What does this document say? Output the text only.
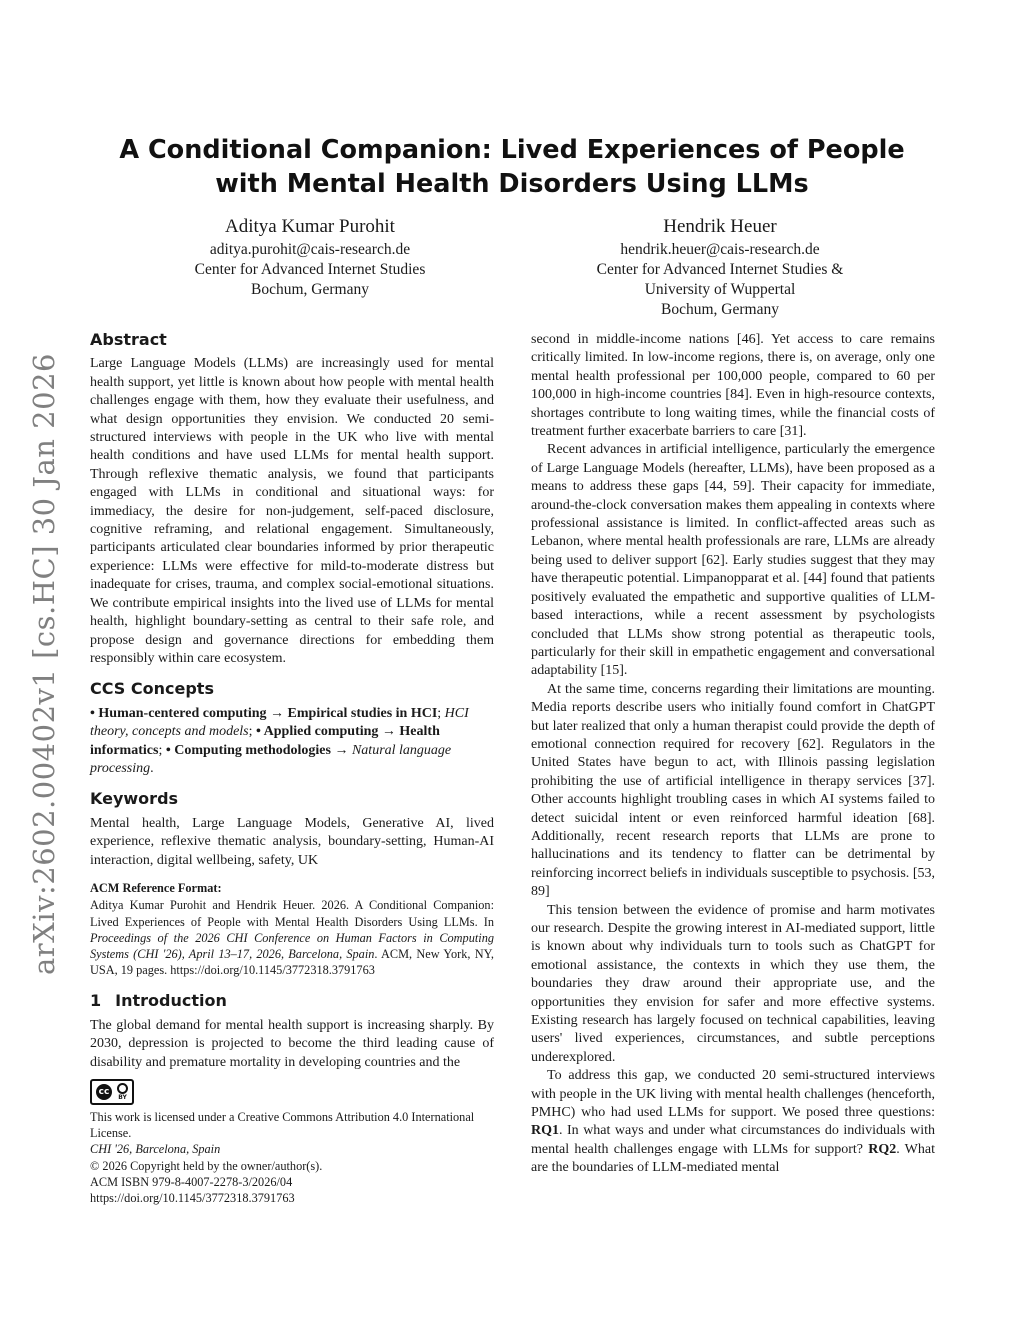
arXiv:2602.00402v1 [cs.HC] 30 Jan 2026
A Conditional Companion: Lived Experiences of People with Mental Health Disorders Using LLMs
Aditya Kumar Purohit
aditya.purohit@cais-research.de
Center for Advanced Internet Studies
Bochum, Germany
Hendrik Heuer
hendrik.heuer@cais-research.de
Center for Advanced Internet Studies &
University of Wuppertal
Bochum, Germany
Abstract

Large Language Models (LLMs) are increasingly used for mental health support, yet little is known about how people with mental health challenges engage with them, how they evaluate their usefulness, and what design opportunities they envision. We conducted 20 semi-structured interviews with people in the UK who live with mental health conditions and have used LLMs for mental health support. Through reflexive thematic analysis, we found that participants engaged with LLMs in conditional and situational ways: for immediacy, the desire for non-judgement, self-paced disclosure, cognitive reframing, and relational engagement. Simultaneously, participants articulated clear boundaries informed by prior therapeutic experience: LLMs were effective for mild-to-moderate distress but inadequate for crises, trauma, and complex social-emotional situations. We contribute empirical insights into the lived use of LLMs for mental health, highlight boundary-setting as central to their safe role, and propose design and governance directions for embedding them responsibly within care ecosystem.

CCS Concepts

• Human-centered computing → Empirical studies in HCI; HCI theory, concepts and models; • Applied computing → Health informatics; • Computing methodologies → Natural language processing.

Keywords

Mental health, Large Language Models, Generative AI, lived experience, reflexive thematic analysis, boundary-setting, Human-AI interaction, digital wellbeing, safety, UK

ACM Reference Format:

Aditya Kumar Purohit and Hendrik Heuer. 2026. A Conditional Companion: Lived Experiences of People with Mental Health Disorders Using LLMs. In Proceedings of the 2026 CHI Conference on Human Factors in Computing Systems (CHI '26), April 13–17, 2026, Barcelona, Spain. ACM, New York, NY, USA, 19 pages. https://doi.org/10.1145/3772318.3791763

1 Introduction

The global demand for mental health support is increasing sharply. By 2030, depression is projected to become the third leading cause of disability and premature mortality in developing countries and the

cc
BY
This work is licensed under a Creative Commons Attribution 4.0 International License.
CHI '26, Barcelona, Spain
© 2026 Copyright held by the owner/author(s).
ACM ISBN 979-8-4007-2278-3/2026/04
https://doi.org/10.1145/3772318.3791763

second in middle-income nations [46]. Yet access to care remains critically limited. In low-income regions, there is, on average, only one mental health professional per 100,000 people, compared to 60 per 100,000 in high-income countries [84]. Even in high-resource contexts, shortages contribute to long waiting times, while the financial costs of treatment further exacerbate barriers to care [31].

Recent advances in artificial intelligence, particularly the emergence of Large Language Models (hereafter, LLMs), have been proposed as a means to address these gaps [44, 59]. Their capacity for immediate, around-the-clock conversation makes them appealing in contexts where professional assistance is limited. In conflict-affected areas such as Lebanon, where mental health professionals are rare, LLMs are already being used to deliver support [62]. Early studies suggest that they may have therapeutic potential. Limpanopparat et al. [44] found that patients positively evaluated the empathetic and supportive qualities of LLM-based interactions, while a recent assessment by psychologists concluded that LLMs show strong potential as therapeutic tools, particularly for their skill in empathetic engagement and conversational adaptability [15].

At the same time, concerns regarding their limitations are mounting. Media reports describe users who initially found comfort in ChatGPT but later realized that only a human therapist could provide the depth of emotional connection required for recovery [62]. Regulators in the United States have begun to act, with Illinois passing legislation prohibiting the use of artificial intelligence in therapy services [37]. Other accounts highlight troubling cases in which AI systems failed to detect suicidal intent or even reinforced harmful ideation [68]. Additionally, recent research reports that LLMs are prone to hallucinations and its tendency to flatter can be detrimental by reinforcing incorrect beliefs in individuals susceptible to psychosis. [53, 89]

This tension between the evidence of promise and harm motivates our research. Despite the growing interest in AI-mediated support, little is known about why individuals turn to tools such as ChatGPT for emotional assistance, the contexts in which they use them, the boundaries they draw around their appropriate use, and the opportunities they envision for safer and more effective systems. Existing research has largely focused on technical capabilities, leaving users' lived experiences, circumstances, and subtle perceptions underexplored.

To address this gap, we conducted 20 semi-structured interviews with people in the UK living with mental health challenges (henceforth, PMHC) who had used LLMs for support. We posed three questions: RQ1. In what ways and under what circumstances do individuals with mental health challenges engage with LLMs for support? RQ2. What are the boundaries of LLM-mediated mental
